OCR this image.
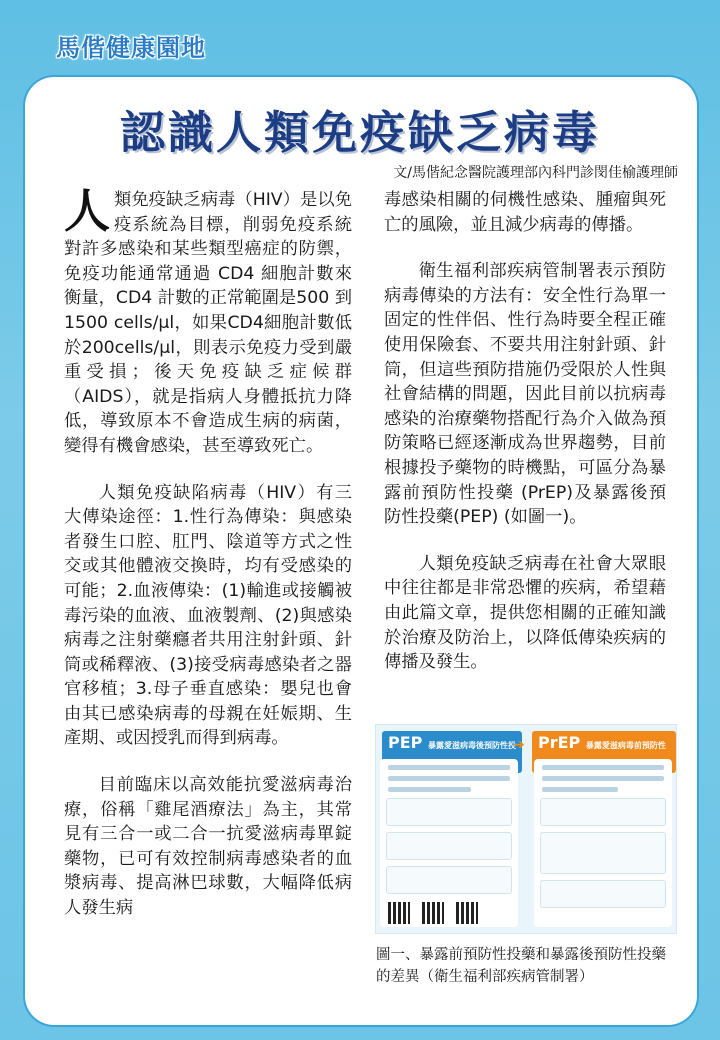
馬偕健康園地
認識人類免疫缺乏病毒
文/馬偕紀念醫院護理部內科門診閔佳榆護理師

人類免疫缺乏病毒（HIV）是以免疫系統為目標，削弱免疫系統對許多感染和某些類型癌症的防禦，免疫功能通常通過 CD4 細胞計數來衡量，CD4 計數的正常範圍是500 到1500 cells/μl，如果CD4細胞計數低於200cells/μl，則表示免疫力受到嚴重受損；後天免疫缺乏症候群（AIDS），就是指病人身體抵抗力降低，導致原本不會造成生病的病菌，變得有機會感染，甚至導致死亡。

人類免疫缺陷病毒（HIV）有三大傳染途徑：1.性行為傳染：與感染者發生口腔、肛門、陰道等方式之性交或其他體液交換時，均有受感染的可能；2.血液傳染：(1)輸進或接觸被毒污染的血液、血液製劑、(2)與感染病毒之注射藥癮者共用注射針頭、針筒或稀釋液、(3)接受病毒感染者之器官移植；3.母子垂直感染：嬰兒也會由其已感染病毒的母親在妊娠期、生產期、或因授乳而得到病毒。

目前臨床以高效能抗愛滋病毒治療，俗稱「雞尾酒療法」為主，其常見有三合一或二合一抗愛滋病毒單錠藥物，已可有效控制病毒感染者的血漿病毒、提高淋巴球數，大幅降低病人發生病

毒感染相關的伺機性感染、腫瘤與死亡的風險，並且減少病毒的傳播。

衛生福利部疾病管制署表示預防病毒傳染的方法有：安全性行為單一固定的性伴侶、性行為時要全程正確使用保險套、不要共用注射針頭、針筒，但這些預防措施仍受限於人性與社會結構的問題，因此目前以抗病毒感染的治療藥物搭配行為介入做為預防策略已經逐漸成為世界趨勢，目前根據投予藥物的時機點，可區分為暴露前預防性投藥 (PrEP)及暴露後預防性投藥(PEP) (如圖一)。

人類免疫缺乏病毒在社會大眾眼中往往都是非常恐懼的疾病，希望藉由此篇文章，提供您相關的正確知識於治療及防治上，以降低傳染疾病的傳播及發生。

PEP 暴露愛滋病毒後預防性投
➔ PrEP 暴露愛滋病毒前預防性
圖一、暴露前預防性投藥和暴露後預防性投藥的差異（衛生福利部疾病管制署）
